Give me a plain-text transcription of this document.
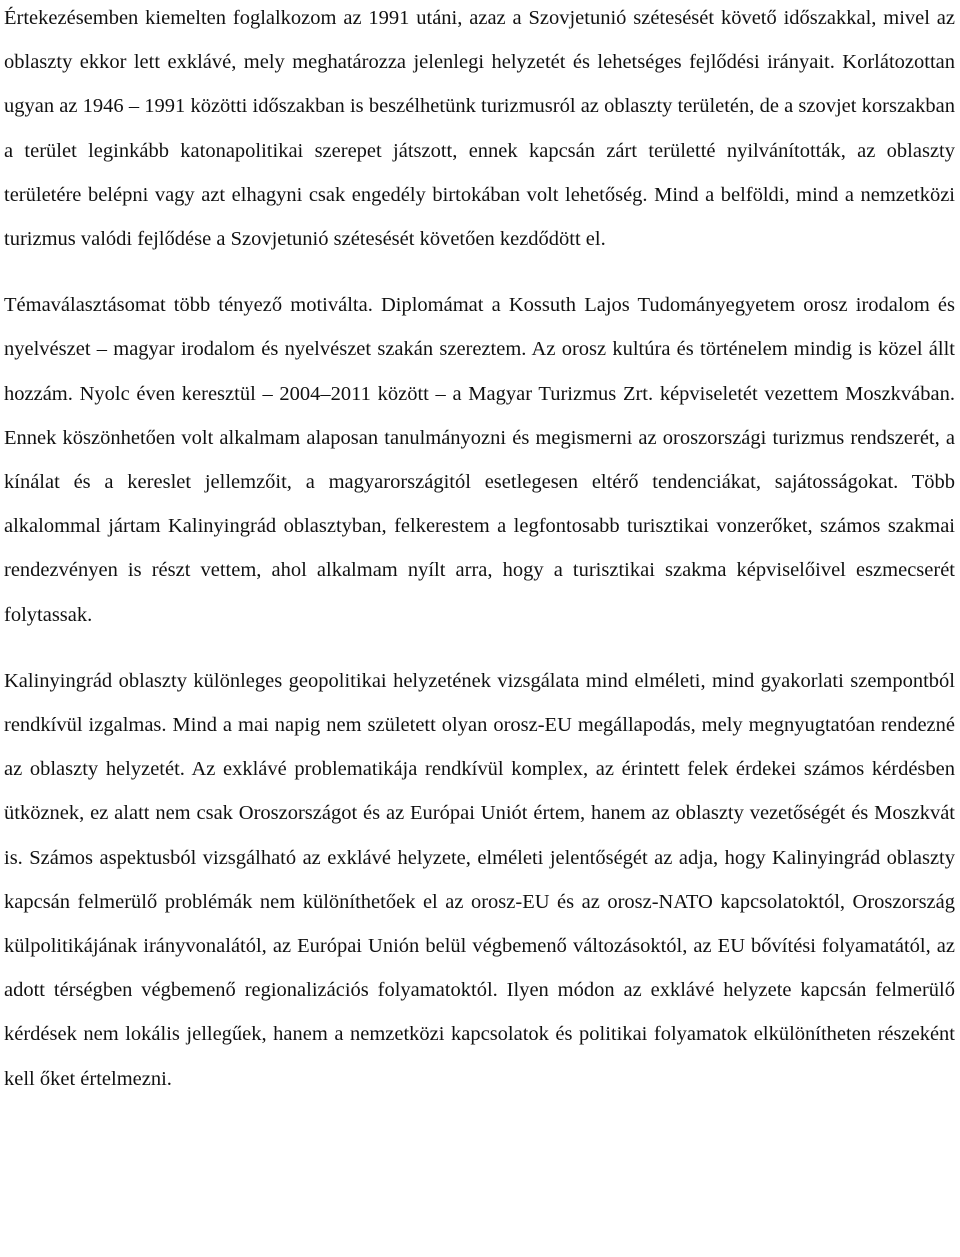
Értekezésemben kiemelten foglalkozom az 1991 utáni, azaz a Szovjetunió szétesését követő időszakkal, mivel az oblaszty ekkor lett exklávé, mely meghatározza jelenlegi helyzetét és lehetséges fejlődési irányait. Korlátozottan ugyan az 1946 – 1991 közötti időszakban is beszélhetünk turizmusról az oblaszty területén, de a szovjet korszakban a terület leginkább katonapolitikai szerepet játszott, ennek kapcsán zárt területté nyilvánították, az oblaszty területére belépni vagy azt elhagyni csak engedély birtokában volt lehetőség. Mind a belföldi, mind a nemzetközi turizmus valódi fejlődése a Szovjetunió szétesését követően kezdődött el.

Témaválasztásomat több tényező motiválta. Diplomámat a Kossuth Lajos Tudományegyetem orosz irodalom és nyelvészet – magyar irodalom és nyelvészet szakán szereztem. Az orosz kultúra és történelem mindig is közel állt hozzám. Nyolc éven keresztül – 2004–2011 között – a Magyar Turizmus Zrt. képviseletét vezettem Moszkvában. Ennek köszönhetően volt alkalmam alaposan tanulmányozni és megismerni az oroszországi turizmus rendszerét, a kínálat és a kereslet jellemzőit, a magyarországitól esetlegesen eltérő tendenciákat, sajátosságokat. Több alkalommal jártam Kalinyingrád oblasztyban, felkerestem a legfontosabb turisztikai vonzerőket, számos szakmai rendezvényen is részt vettem, ahol alkalmam nyílt arra, hogy a turisztikai szakma képviselőivel eszmecserét folytassak.

Kalinyingrád oblaszty különleges geopolitikai helyzetének vizsgálata mind elméleti, mind gyakorlati szempontból rendkívül izgalmas. Mind a mai napig nem született olyan orosz-EU megállapodás, mely megnyugtatóan rendezné az oblaszty helyzetét. Az exklávé problematikája rendkívül komplex, az érintett felek érdekei számos kérdésben ütköznek, ez alatt nem csak Oroszországot és az Európai Uniót értem, hanem az oblaszty vezetőségét és Moszkvát is. Számos aspektusból vizsgálható az exklávé helyzete, elméleti jelentőségét az adja, hogy Kalinyingrád oblaszty kapcsán felmerülő problémák nem különíthetőek el az orosz-EU és az orosz-NATO kapcsolatoktól, Oroszország külpolitikájának irányvonalától, az Európai Unión belül végbemenő változásoktól, az EU bővítési folyamatától, az adott térségben végbemenő regionalizációs folyamatoktól. Ilyen módon az exklávé helyzete kapcsán felmerülő kérdések nem lokális jellegűek, hanem a nemzetközi kapcsolatok és politikai folyamatok elkülönítheten részeként kell őket értelmezni.
